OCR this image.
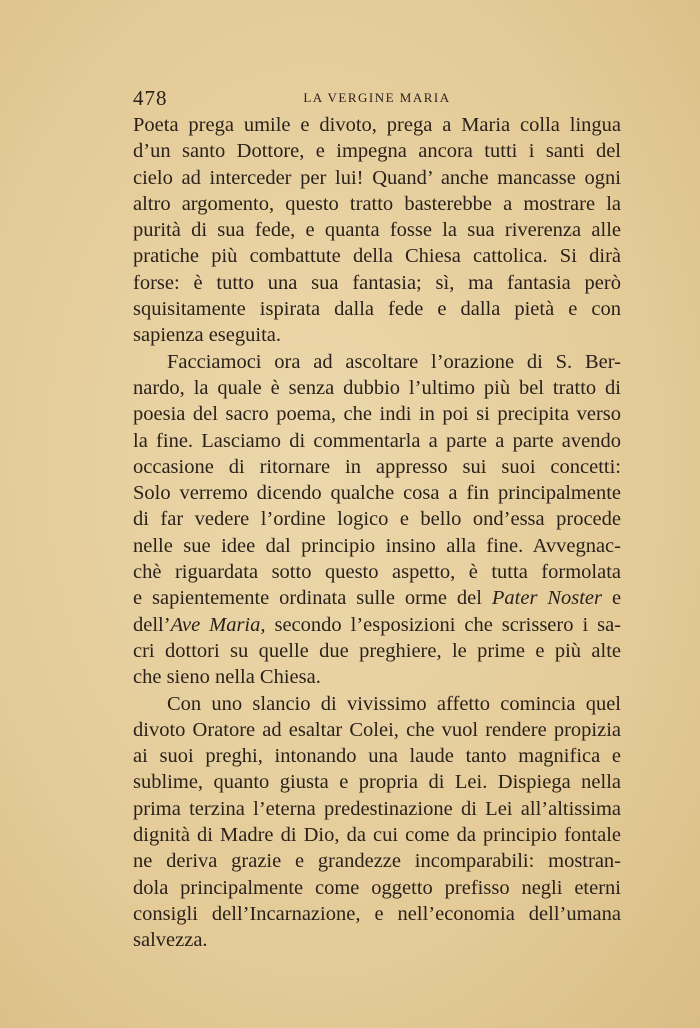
478	LA VERGINE MARIA
Poeta prega umile e divoto, prega a Maria colla lingua
d’un santo Dottore, e impegna ancora tutti i santi del
cielo ad interceder per lui! Quand’ anche mancasse ogni
altro argomento, questo tratto basterebbe a mostrare la
purità di sua fede, e quanta fosse la sua riverenza alle
pratiche più combattute della Chiesa cattolica. Si dirà
forse: è tutto una sua fantasia; sì, ma fantasia però
squisitamente ispirata dalla fede e dalla pietà e con
sapienza eseguita.
Facciamoci ora ad ascoltare l’orazione di S. Ber-
nardo, la quale è senza dubbio l’ultimo più bel tratto di
poesia del sacro poema, che indi in poi si precipita verso
la fine. Lasciamo di commentarla a parte a parte avendo
occasione di ritornare in appresso sui suoi concetti:
Solo verremo dicendo qualche cosa a fin principalmente
di far vedere l’ordine logico e bello ond’essa procede
nelle sue idee dal principio insino alla fine. Avvegnac-
chè riguardata sotto questo aspetto, è tutta formolata
e sapientemente ordinata sulle orme del Pater Noster e
dell’Ave Maria, secondo l’esposizioni che scrissero i sa-
cri dottori su quelle due preghiere, le prime e più alte
che sieno nella Chiesa.
Con uno slancio di vivissimo affetto comincia quel
divoto Oratore ad esaltar Colei, che vuol rendere propizia
ai suoi preghi, intonando una laude tanto magnifica e
sublime, quanto giusta e propria di Lei. Dispiega nella
prima terzina l’eterna predestinazione di Lei all’altissima
dignità di Madre di Dio, da cui come da principio fontale
ne deriva grazie e grandezze incomparabili: mostran-
dola principalmente come oggetto prefisso negli eterni
consigli dell’Incarnazione, e nell’economia dell’umana
salvezza.
